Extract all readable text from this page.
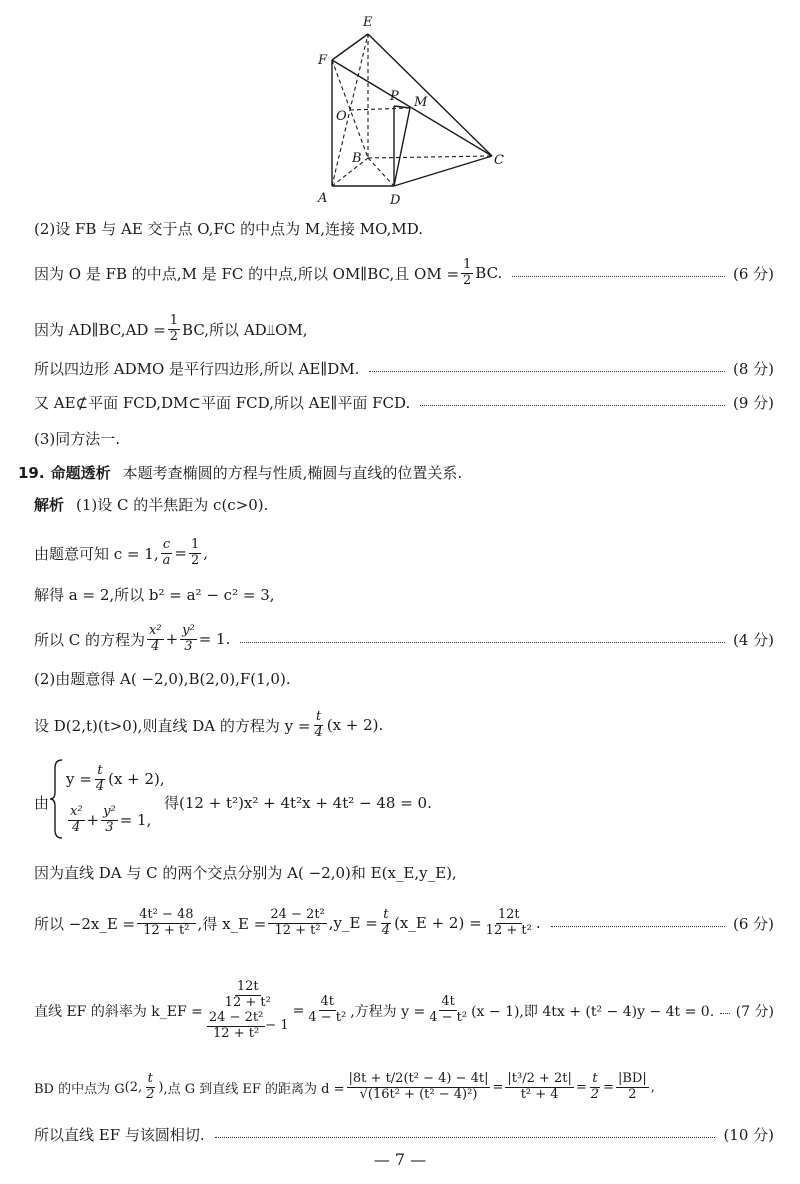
E
F
O
P M
B	C
A	D
(2)设 FB 与 AE 交于点 O,FC 的中点为 M,连接 MO,MD.
因为 O 是 FB 的中点,M 是 FC 的中点,所以 OM∥BC,且 OM = $\frac{1}{2}$ BC.	(6 分)
因为 AD∥BC,AD = $\frac{1}{2}$ BC,所以 AD⫫OM,
所以四边形 ADMO 是平行四边形,所以 AE∥DM.	(8 分)
又 AE⊄平面 FCD,DM⊂平面 FCD,所以 AE∥平面 FCD.	(9 分)
(3)同方法一.
19. 命题透析 本题考查椭圆的方程与性质,椭圆与直线的位置关系.
解析 (1)设 C 的半焦距为 c(c>0).
由题意可知 c = 1, $\frac{c}{a} = \frac{1}{2}$ ,
解得 a = 2,所以 b² = a² − c² = 3,
所以 C 的方程为 $\frac{\text{x²}}{4} + \frac{\text{y²}}{3} = 1$.	(4 分)
(2)由题意得 A( −2,0),B(2,0),F(1,0).
设 D(2,t)(t>0),则直线 DA 的方程为 $y = \frac{t}{4} (x + 2)$.
由
$y = \frac{t}{4} (x + 2)$,
$\frac{\text{x²}}{4} + \frac{\text{y²}}{3} = 1$,
得(12 + t²)x² + 4t²x + 4t² − 48 = 0.
因为直线 DA 与 C 的两个交点分别为 A( −2,0)和 E(x_E,y_E),
所以 −2x_E = $\frac{\text{4t² − 48}}{\text{12 + t²}}$ ,得 x_E = $\frac{\text{24 − 2t²}}{\text{12 + t²}}$ ,y_E = $\frac{t}{4}$ (x_E + $2) = \frac{12t}{\text{12 + t²}}$ .	(6 分)
直线 EF 的斜率为 k_EF =
$\frac{12t}{\text{12 + t²}}$
$\frac{\text{24 − 2t²}}{\text{12 + t²}} - 1$
= $\frac{4t}{\text{4 − t²}}$ ,方程为 $y = \frac{4t}{\text{4 − t²}} (x - 1)$,即 4tx + (t² − 4)y − 4t = 0. (7 分)
BD 的中点为 G (2, $\frac{t}{2}$ ) ,点 G 到直线 EF 的距离为 $d = \frac{\text{|8t + t/2(t² − 4) − 4t|}}{\text{√(16t² + (t² − 4)²)}} = \frac{\text{|t³/2 + 2t|}}{\text{t² + 4}} = \frac{t}{2} = \frac{|BD|}{2}$ ,
所以直线 EF 与该圆相切.	(10 分)
— 7 —
